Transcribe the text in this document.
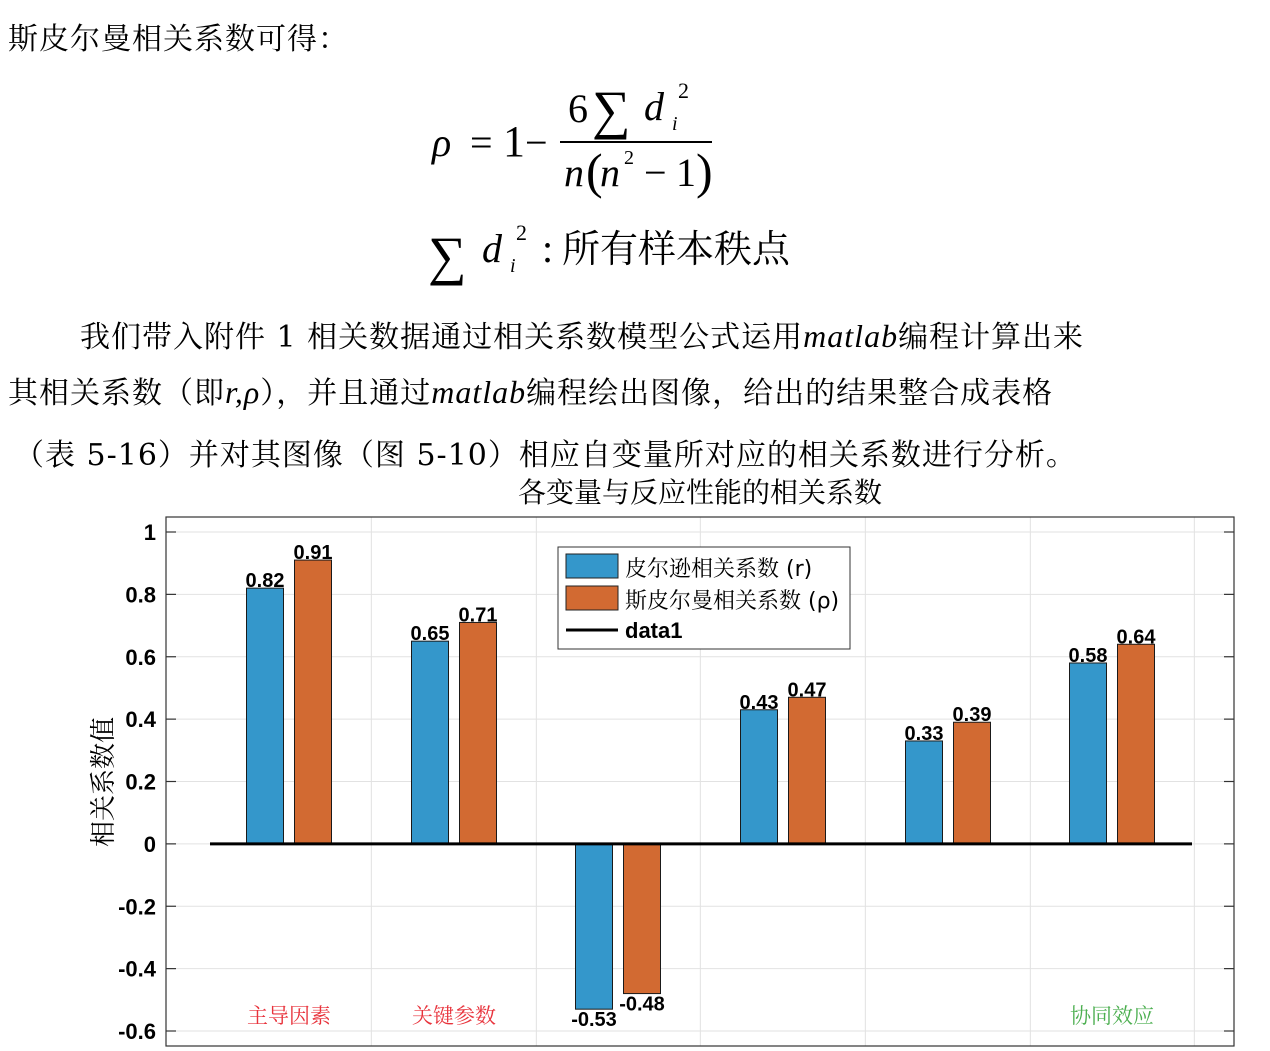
斯皮尔曼相关系数可得：
ρ = 1 −
6 ∑ d i
2
n (
n 2 − 1 )
∑ d i
2 : 所有样本秩点
我们带入附件 1 相关数据通过相关系数模型公式运用matlab编程计算出来
其相关系数（即r,ρ），并且通过matlab编程绘出图像，给出的结果整合成表格
（表 5-16）并对其图像（图 5-10）相应自变量所对应的相关系数进行分析。
各变量与反应性能的相关系数
1
0.8
0.6
0.4
0.2
0
-0.2
-0.4
-0.6
0.82
0.65
-0.53
0.43
0.33
0.58
0.91
0.71
-0.48
0.47
0.39
0.64
主导因素	关键参数	协同效应
相关系数值
皮尔逊相关系数 (r)
斯皮尔曼相关系数 (ρ)
data1
